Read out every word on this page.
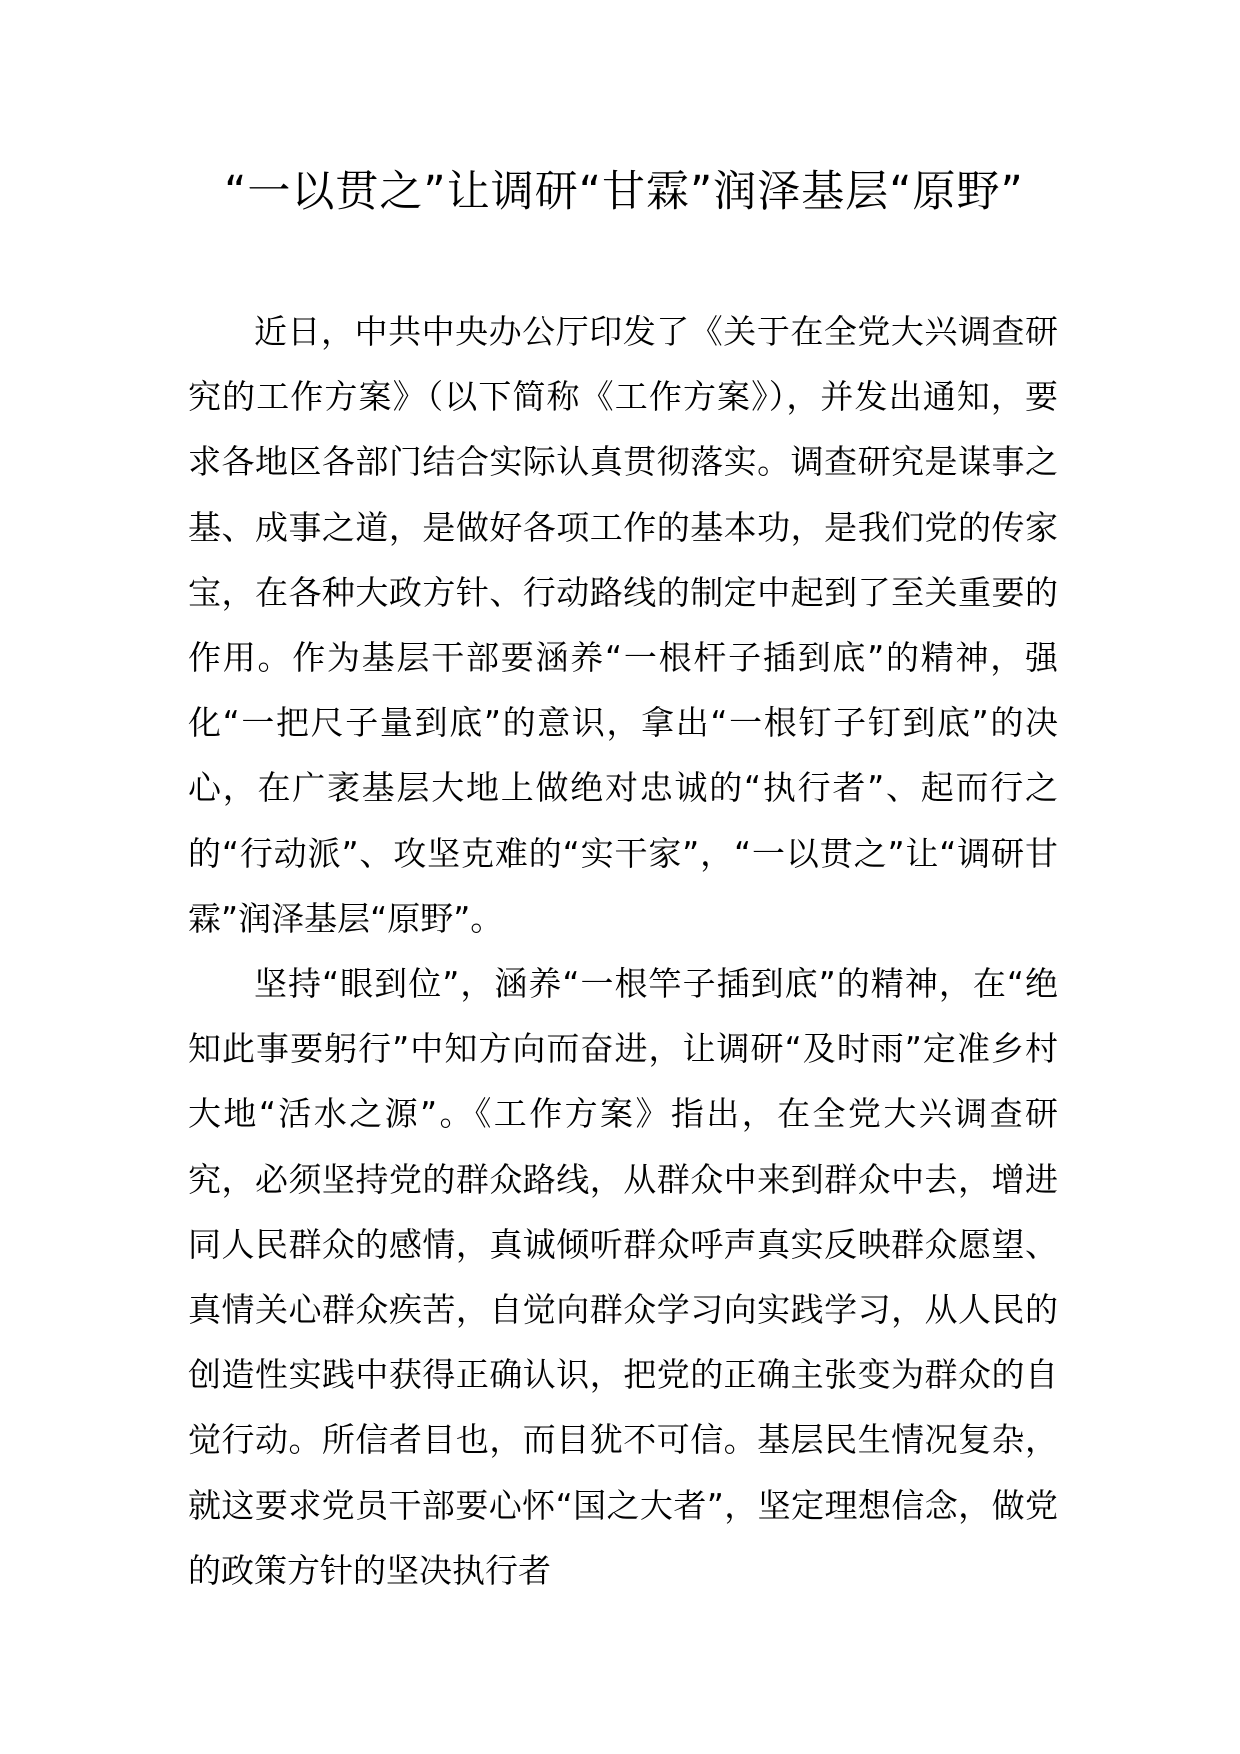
“一以贯之”让调研“甘霖”润泽基层“原野”

近日，中共中央办公厅印发了《关于在全党大兴调查研究的工作方案》（以下简称《工作方案》），并发出通知，要求各地区各部门结合实际认真贯彻落实。调查研究是谋事之基、成事之道，是做好各项工作的基本功，是我们党的传家宝，在各种大政方针、行动路线的制定中起到了至关重要的作用。作为基层干部要涵养“一根杆子插到底”的精神，强化“一把尺子量到底”的意识，拿出“一根钉子钉到底”的决心，在广袤基层大地上做绝对忠诚的“执行者”、起而行之的“行动派”、攻坚克难的“实干家”，“一以贯之”让“调研甘霖”润泽基层“原野”。

坚持“眼到位”，涵养“一根竿子插到底”的精神，在“绝知此事要躬行”中知方向而奋进，让调研“及时雨”定准乡村大地“活水之源”。《工作方案》指出，在全党大兴调查研究，必须坚持党的群众路线，从群众中来到群众中去，增进同人民群众的感情，真诚倾听群众呼声真实反映群众愿望、真情关心群众疾苦，自觉向群众学习向实践学习，从人民的创造性实践中获得正确认识，把党的正确主张变为群众的自觉行动。所信者目也，而目犹不可信。基层民生情况复杂，就这要求党员干部要心怀“国之大者”，坚定理想信念，做党的政策方针的坚决执行者
